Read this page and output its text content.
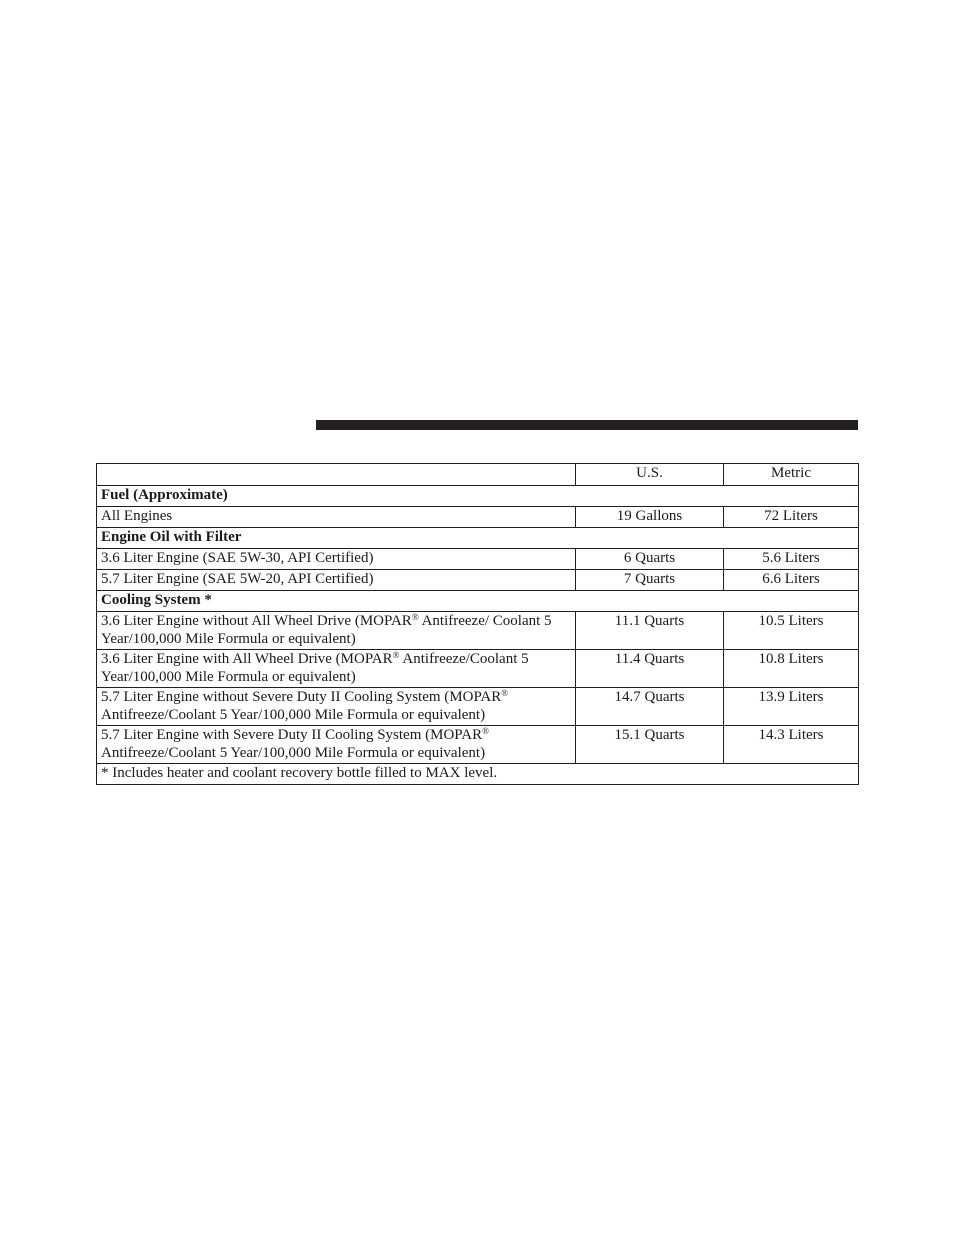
	U.S.	Metric
Fuel (Approximate)		
All Engines	19 Gallons	72 Liters
Engine Oil with Filter		
3.6 Liter Engine (SAE 5W-30, API Certified)	6 Quarts	5.6 Liters
5.7 Liter Engine (SAE 5W-20, API Certified)	7 Quarts	6.6 Liters
Cooling System *		
3.6 Liter Engine without All Wheel Drive (MOPAR® Antifreeze/ Coolant 5 Year/100,000 Mile Formula or equivalent)	11.1 Quarts	10.5 Liters
3.6 Liter Engine with All Wheel Drive (MOPAR® Antifreeze/Coolant 5 Year/100,000 Mile Formula or equivalent)	11.4 Quarts	10.8 Liters
5.7 Liter Engine without Severe Duty II Cooling System (MOPAR® Antifreeze/Coolant 5 Year/100,000 Mile Formula or equivalent)	14.7 Quarts	13.9 Liters
5.7 Liter Engine with Severe Duty II Cooling System (MOPAR® Antifreeze/Coolant 5 Year/100,000 Mile Formula or equivalent)	15.1 Quarts	14.3 Liters
* Includes heater and coolant recovery bottle filled to MAX level.		
